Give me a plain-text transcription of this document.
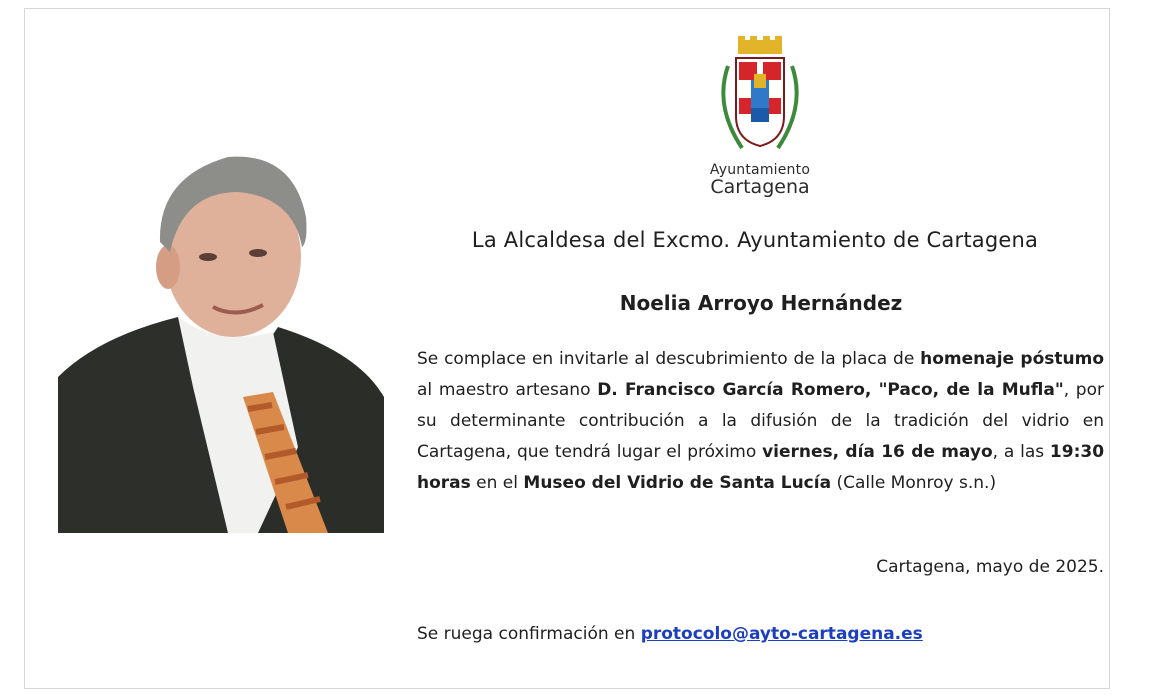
Ayuntamiento
Cartagena
La Alcaldesa del Excmo. Ayuntamiento de Cartagena
Noelia Arroyo Hernández
Se complace en invitarle al descubrimiento de la placa de homenaje póstumo al maestro artesano D. Francisco García Romero, "Paco, de la Mufla", por su determinante contribución a la difusión de la tradición del vidrio en Cartagena, que tendrá lugar el próximo viernes, día 16 de mayo, a las 19:30 horas en el Museo del Vidrio de Santa Lucía (Calle Monroy s.n.)
Cartagena, mayo de 2025.
Se ruega confirmación en protocolo@ayto-cartagena.es
